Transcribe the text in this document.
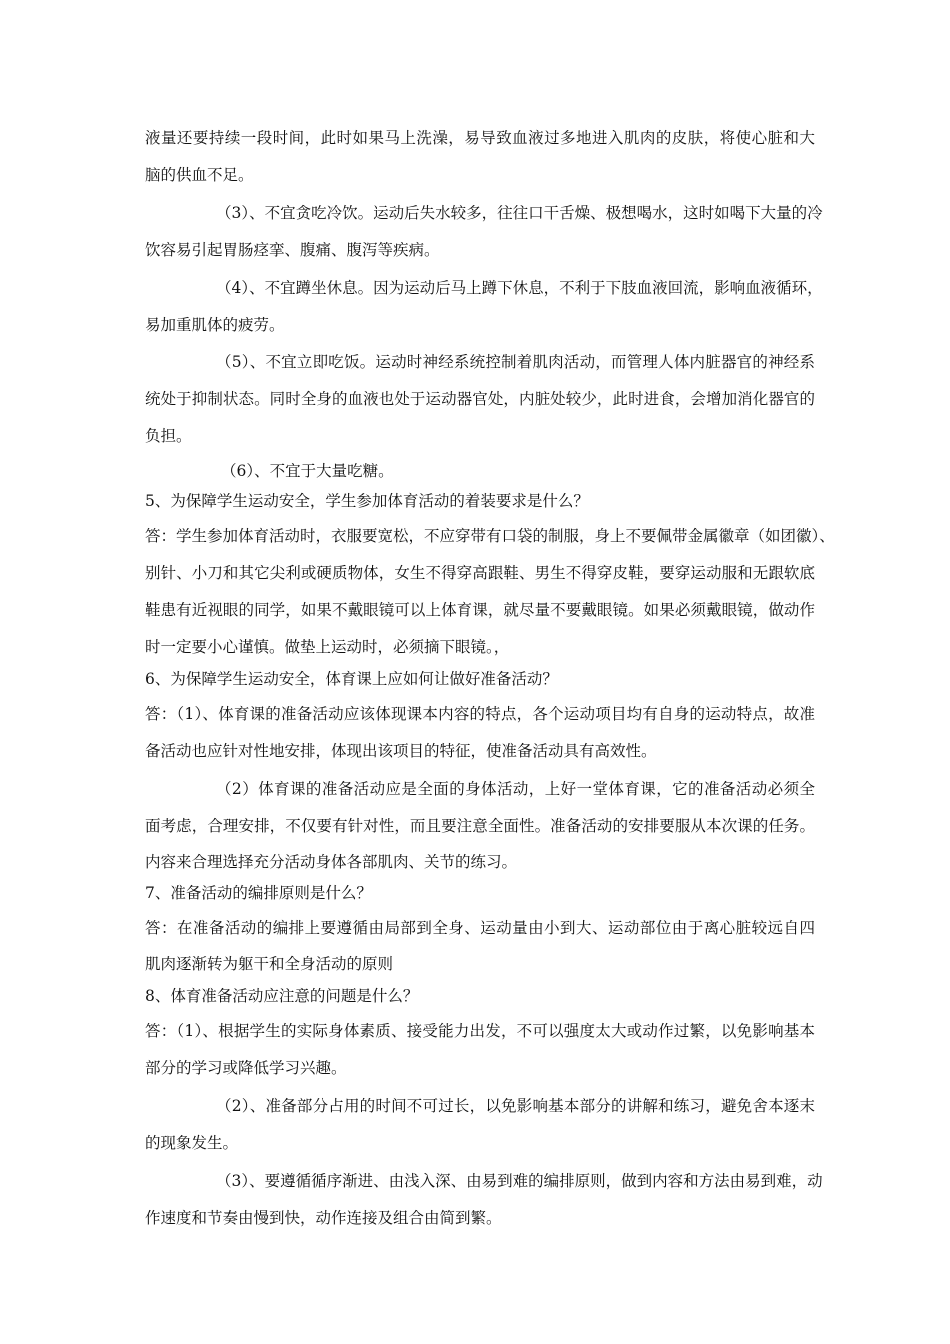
液量还要持续一段时间，此时如果马上洗澡，易导致血液过多地进入肌肉的皮肤，将使心脏和大
脑的供血不足。
（3）、不宜贪吃冷饮。运动后失水较多，往往口干舌燥、极想喝水，这时如喝下大量的冷
饮容易引起胃肠痉挛、腹痛、腹泻等疾病。
（4）、不宜蹲坐休息。因为运动后马上蹲下休息，不利于下肢血液回流，影响血液循环，
易加重肌体的疲劳。
（5）、不宜立即吃饭。运动时神经系统控制着肌肉活动，而管理人体内脏器官的神经系
统处于抑制状态。同时全身的血液也处于运动器官处，内脏处较少，此时进食，会增加消化器官的
负担。
（6）、不宜于大量吃糖。
5、为保障学生运动安全，学生参加体育活动的着装要求是什么？
答：学生参加体育活动时，衣服要宽松，不应穿带有口袋的制服，身上不要佩带金属徽章（如团徽）、
别针、小刀和其它尖利或硬质物体，女生不得穿高跟鞋、男生不得穿皮鞋，要穿运动服和无跟软底
鞋患有近视眼的同学，如果不戴眼镜可以上体育课，就尽量不要戴眼镜。如果必须戴眼镜，做动作
时一定要小心谨慎。做垫上运动时，必须摘下眼镜。，
6、为保障学生运动安全，体育课上应如何让做好准备活动？
答：（1）、体育课的准备活动应该体现课本内容的特点，各个运动项目均有自身的运动特点，故准
备活动也应针对性地安排，体现出该项目的特征，使准备活动具有高效性。
（2）体育课的准备活动应是全面的身体活动，上好一堂体育课，它的准备活动必须全
面考虑，合理安排，不仅要有针对性，而且要注意全面性。准备活动的安排要服从本次课的任务。
内容来合理选择充分活动身体各部肌肉、关节的练习。
7、准备活动的编排原则是什么？
答：在准备活动的编排上要遵循由局部到全身、运动量由小到大、运动部位由于离心脏较远自四
肌肉逐渐转为躯干和全身活动的原则
8、体育准备活动应注意的问题是什么？
答：（1）、根据学生的实际身体素质、接受能力出发，不可以强度太大或动作过繁，以免影响基本
部分的学习或降低学习兴趣。
（2）、准备部分占用的时间不可过长，以免影响基本部分的讲解和练习，避免舍本逐末
的现象发生。
（3）、要遵循循序渐进、由浅入深、由易到难的编排原则，做到内容和方法由易到难，动
作速度和节奏由慢到快，动作连接及组合由简到繁。
